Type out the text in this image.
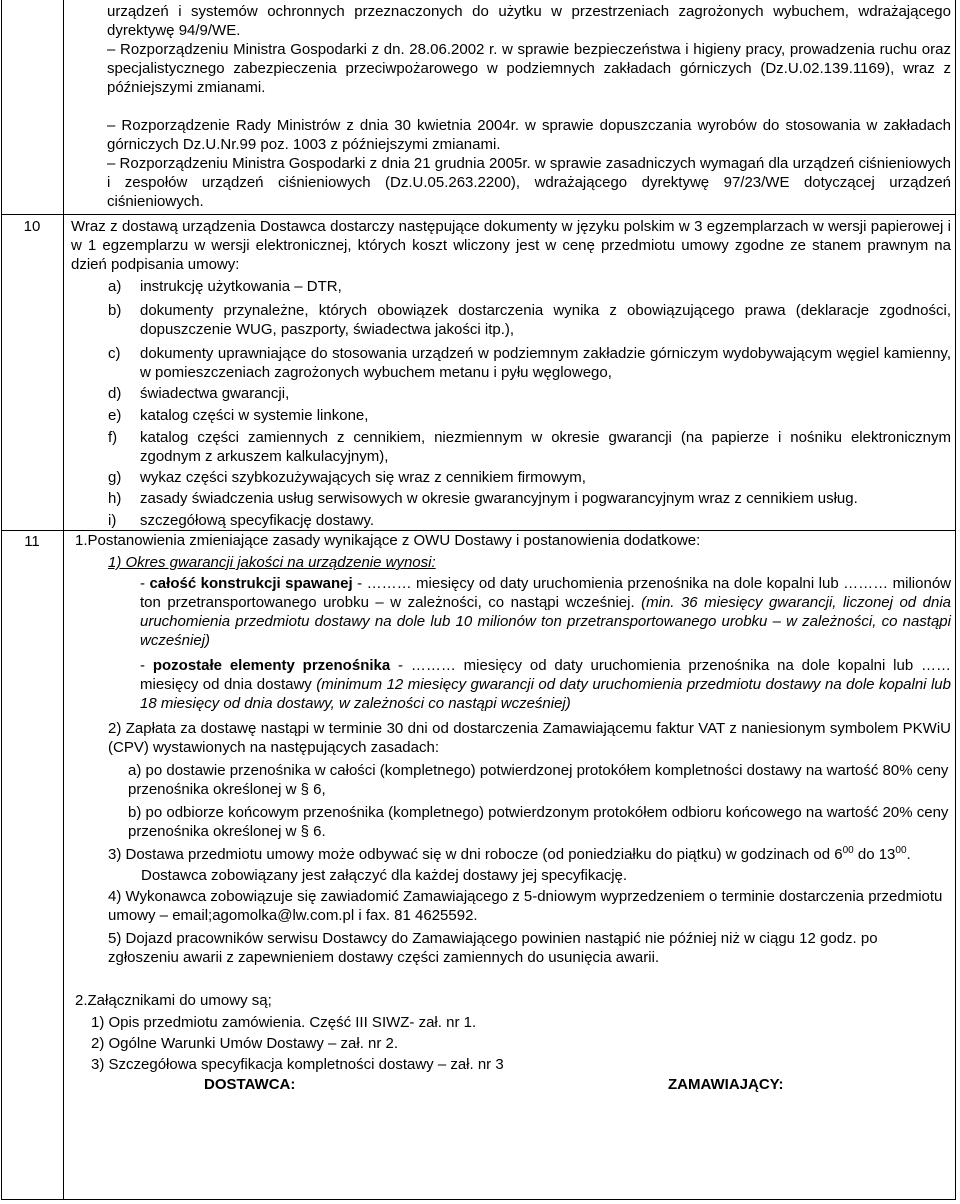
urządzeń i systemów ochronnych przeznaczonych do użytku w przestrzeniach zagrożonych wybuchem, wdrażającego dyrektywę 94/9/WE.
– Rozporządzeniu Ministra Gospodarki z dn. 28.06.2002 r. w sprawie bezpieczeństwa i higieny pracy, prowadzenia ruchu oraz specjalistycznego zabezpieczenia przeciwpożarowego w podziemnych zakładach górniczych (Dz.U.02.139.1169), wraz z późniejszymi zmianami.
– Rozporządzenie Rady Ministrów z dnia 30 kwietnia 2004r. w sprawie dopuszczania wyrobów do stosowania w zakładach górniczych Dz.U.Nr.99 poz. 1003 z późniejszymi zmianami.
– Rozporządzeniu Ministra Gospodarki z dnia 21 grudnia 2005r. w sprawie zasadniczych wymagań dla urządzeń ciśnieniowych i zespołów urządzeń ciśnieniowych (Dz.U.05.263.2200), wdrażającego dyrektywę 97/23/WE dotyczącej urządzeń ciśnieniowych.
10	Wraz z dostawą urządzenia Dostawca dostarczy następujące dokumenty w języku polskim w 3 egzemplarzach w wersji papierowej i w 1 egzemplarzu w wersji elektronicznej, których koszt wliczony jest w cenę przedmiotu umowy zgodne ze stanem prawnym na dzień podpisania umowy:
a)	instrukcję użytkowania – DTR,
b)	dokumenty przynależne, których obowiązek dostarczenia wynika z obowiązującego prawa (deklaracje zgodności, dopuszczenie WUG, paszporty, świadectwa jakości itp.),
c)	dokumenty uprawniające do stosowania urządzeń w podziemnym zakładzie górniczym wydobywającym węgiel kamienny, w pomieszczeniach zagrożonych wybuchem metanu i pyłu węglowego,
d)	świadectwa gwarancji,
e)	katalog części w systemie linkone,
f)	katalog części zamiennych z cennikiem, niezmiennym w okresie gwarancji (na papierze i nośniku elektronicznym zgodnym z arkuszem kalkulacyjnym),
g)	wykaz części szybkozużywających się wraz z cennikiem firmowym,
h)	zasady świadczenia usług serwisowych w okresie gwarancyjnym i pogwarancyjnym wraz z cennikiem usług.
i)	szczegółową specyfikację dostawy.
11	1.Postanowienia zmieniające zasady wynikające z OWU Dostawy i postanowienia dodatkowe:
1) Okres gwarancji jakości na urządzenie wynosi:
- całość konstrukcji spawanej - ……… miesięcy od daty uruchomienia przenośnika na dole kopalni lub ……… milionów ton przetransportowanego urobku – w zależności, co nastąpi wcześniej. (min. 36 miesięcy gwarancji, liczonej od dnia uruchomienia przedmiotu dostawy na dole lub 10 milionów ton przetransportowanego urobku – w zależności, co nastąpi wcześniej)
- pozostałe elementy przenośnika - ……… miesięcy od daty uruchomienia przenośnika na dole kopalni lub ……miesięcy od dnia dostawy (minimum 12 miesięcy gwarancji od daty uruchomienia przedmiotu dostawy na dole kopalni lub 18 miesięcy od dnia dostawy, w zależności co nastąpi wcześniej)
2) Zapłata za dostawę nastąpi w terminie 30 dni od dostarczenia Zamawiającemu faktur VAT z naniesionym symbolem PKWiU (CPV) wystawionych na następujących zasadach:
a) po dostawie przenośnika w całości (kompletnego) potwierdzonej protokółem kompletności dostawy na wartość 80% ceny przenośnika określonej w § 6,
b) po odbiorze końcowym przenośnika (kompletnego) potwierdzonym protokółem odbioru końcowego na wartość 20% ceny przenośnika określonej w § 6.
3) Dostawa przedmiotu umowy może odbywać się w dni robocze (od poniedziałku do piątku) w godzinach od $6^{00}$ do $13^{00}$.
Dostawca zobowiązany jest załączyć dla każdej dostawy jej specyfikację.
4) Wykonawca zobowiązuje się zawiadomić Zamawiającego z 5-dniowym wyprzedzeniem o terminie dostarczenia przedmiotu umowy – email;agomolka@lw.com.pl i fax. 81 4625592.
5) Dojazd pracowników serwisu Dostawcy do Zamawiającego powinien nastąpić nie później niż w ciągu 12 godz. po zgłoszeniu awarii z zapewnieniem dostawy części zamiennych do usunięcia awarii.
2.Załącznikami do umowy są;
1) Opis przedmiotu zamówienia. Część III SIWZ- zał. nr 1.
2) Ogólne Warunki Umów Dostawy – zał. nr 2.
3) Szczegółowa specyfikacja kompletności dostawy – zał. nr 3
DOSTAWCA:	ZAMAWIAJĄCY:
